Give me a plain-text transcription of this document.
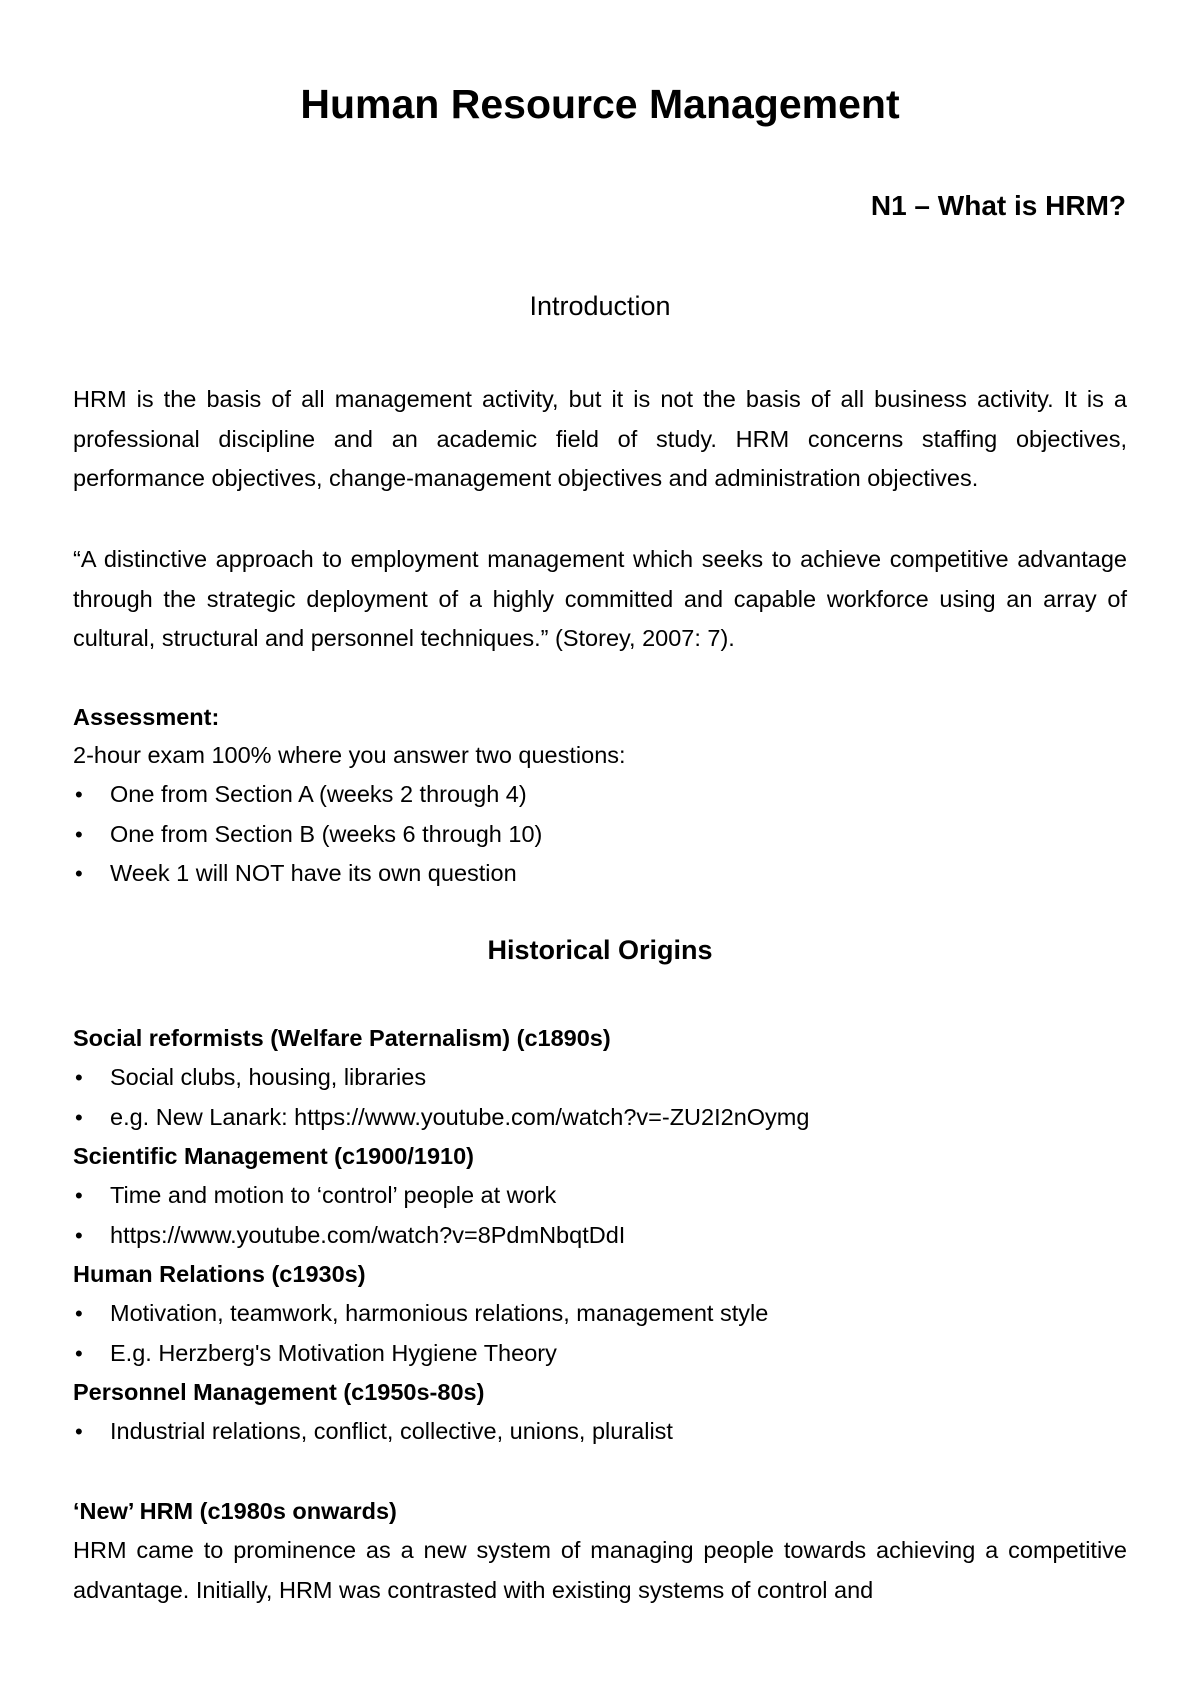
Human Resource Management
N1 – What is HRM?
Introduction

HRM is the basis of all management activity, but it is not the basis of all business activity. It is a professional discipline and an academic field of study. HRM concerns staffing objectives, performance objectives, change-management objectives and administration objectives.

“A distinctive approach to employment management which seeks to achieve competitive advantage through the strategic deployment of a highly committed and capable workforce using an array of cultural, structural and personnel techniques.” (Storey, 2007: 7).

Assessment:

2-hour exam 100% where you answer two questions:

• One from Section A (weeks 2 through 4)
• One from Section B (weeks 6 through 10)
• Week 1 will NOT have its own question
Historical Origins

Social reformists (Welfare Paternalism) (c1890s)

• Social clubs, housing, libraries
• e.g. New Lanark: https://www.youtube.com/watch?v=-ZU2I2nOymg

Scientific Management (c1900/1910)

• Time and motion to ‘control’ people at work
• https://www.youtube.com/watch?v=8PdmNbqtDdI

Human Relations (c1930s)

• Motivation, teamwork, harmonious relations, management style
• E.g. Herzberg's Motivation Hygiene Theory

Personnel Management (c1950s-80s)

• Industrial relations, conflict, collective, unions, pluralist

‘New’ HRM (c1980s onwards)

HRM came to prominence as a new system of managing people towards achieving a competitive advantage. Initially, HRM was contrasted with existing systems of control and
